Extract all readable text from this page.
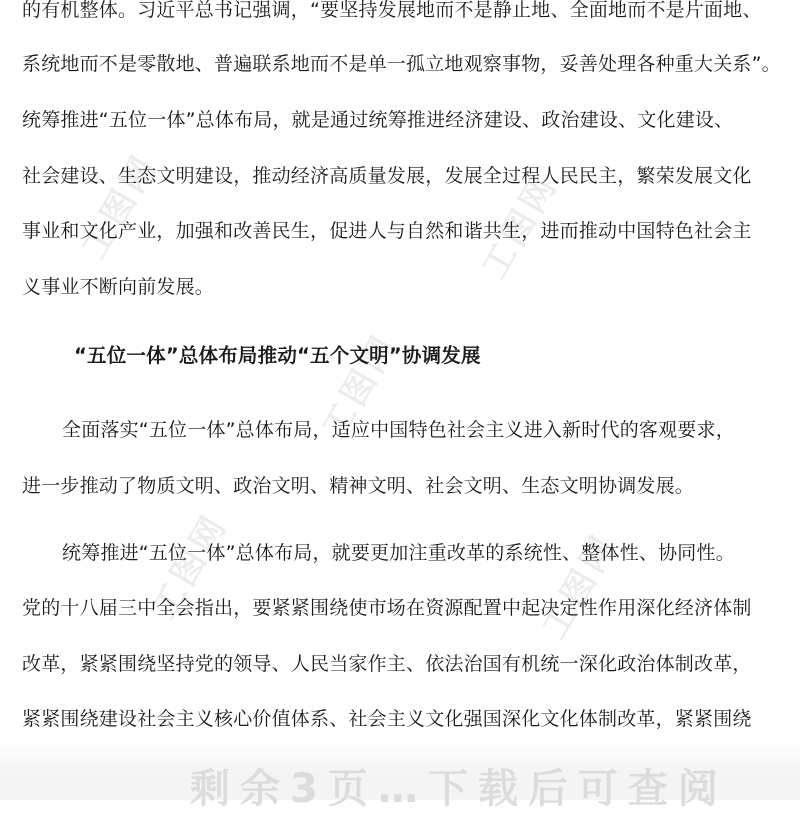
工图网	工图网
工图网
工图网	工图网
的有机整体。习近平总书记强调，“要坚持发展地而不是静止地、全面地而不是片面地、
系统地而不是零散地、普遍联系地而不是单一孤立地观察事物，妥善处理各种重大关系”。
统筹推进“五位一体”总体布局，就是通过统筹推进经济建设、政治建设、文化建设、
社会建设、生态文明建设，推动经济高质量发展，发展全过程人民民主，繁荣发展文化
事业和文化产业，加强和改善民生，促进人与自然和谐共生，进而推动中国特色社会主
义事业不断向前发展。
“五位一体”总体布局推动“五个文明”协调发展
全面落实“五位一体”总体布局，适应中国特色社会主义进入新时代的客观要求，
进一步推动了物质文明、政治文明、精神文明、社会文明、生态文明协调发展。
统筹推进“五位一体”总体布局，就要更加注重改革的系统性、整体性、协同性。
党的十八届三中全会指出，要紧紧围绕使市场在资源配置中起决定性作用深化经济体制
改革，紧紧围绕坚持党的领导、人民当家作主、依法治国有机统一深化政治体制改革，
紧紧围绕建设社会主义核心价值体系、社会主义文化强国深化文化体制改革，紧紧围绕
剩余3页…下载后可查阅
